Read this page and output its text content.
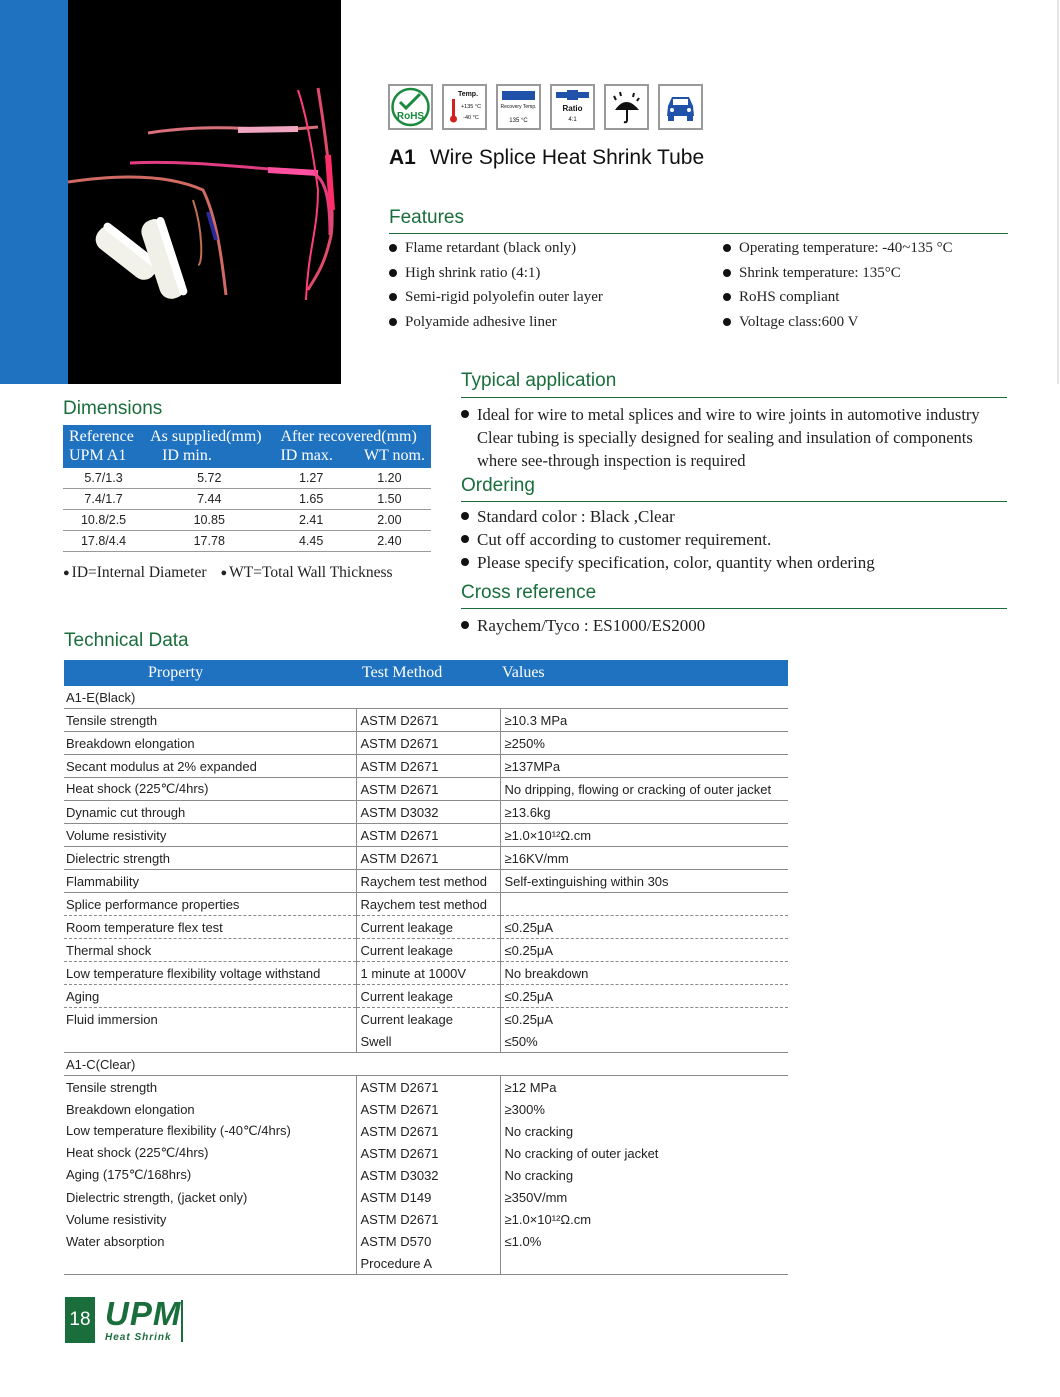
RoHS
Temp.
+135 °C
-40 °C
Recovery Temp.
135 °C
Ratio
4:1
A1 Wire Splice Heat Shrink Tube
Features
Flame retardant (black only)
High shrink ratio (4:1)
Semi-rigid polyolefin outer layer
Polyamide adhesive liner
Operating temperature: -40~135 °C
Shrink temperature: 135°C
RoHS compliant
Voltage class:600 V
Typical application
Ideal for wire to metal splices and wire to wire joints in automotive industry Clear tubing is specially designed for sealing and insulation of components where see-through inspection is required
Ordering
Standard color : Black ,Clear
Cut off according to customer requirement.
Please specify specification, color, quantity when ordering
Cross reference
Raychem/Tyco : ES1000/ES2000
Dimensions
Reference	As supplied(mm)	After recovered(mm)	
UPM A1	ID min.	ID max.	WT nom.
5.7/1.3	5.72	1.27	1.20
7.4/1.7	7.44	1.65	1.50
10.8/2.5	10.85	2.41	2.00
17.8/4.4	17.78	4.45	2.40
● ID=Internal Diameter ● WT=Total Wall Thickness
Technical Data
Property	Test Method	Values
A1-E(Black)		
Tensile strength	ASTM D2671	≥10.3 MPa
Breakdown elongation	ASTM D2671	≥250%
Secant modulus at 2% expanded	ASTM D2671	≥137MPa
Heat shock (225℃/4hrs)	ASTM D2671	No dripping, flowing or cracking of outer jacket
Dynamic cut through	ASTM D3032	≥13.6kg
Volume resistivity	ASTM D2671	≥1.0×10¹²Ω.cm
Dielectric strength	ASTM D2671	≥16KV/mm
Flammability	Raychem test method	Self-extinguishing within 30s
Splice performance properties	Raychem test method	
Room temperature flex test	Current leakage	≤0.25μA
Thermal shock	Current leakage	≤0.25μA
Low temperature flexibility voltage withstand	1 minute at 1000V	No breakdown
Aging	Current leakage	≤0.25μA
Fluid immersion	Current leakage	≤0.25μA
	Swell	≤50%
A1-C(Clear)		
Tensile strength	ASTM D2671	≥12 MPa
Breakdown elongation	ASTM D2671	≥300%
Low temperature flexibility (-40℃/4hrs)	ASTM D2671	No cracking
Heat shock (225℃/4hrs)	ASTM D2671	No cracking of outer jacket
Aging (175℃/168hrs)	ASTM D3032	No cracking
Dielectric strength, (jacket only)	ASTM D149	≥350V/mm
Volume resistivity	ASTM D2671	≥1.0×10¹²Ω.cm
Water absorption	ASTM D570	≤1.0%
	Procedure A	
18 UPM
Heat Shrink
